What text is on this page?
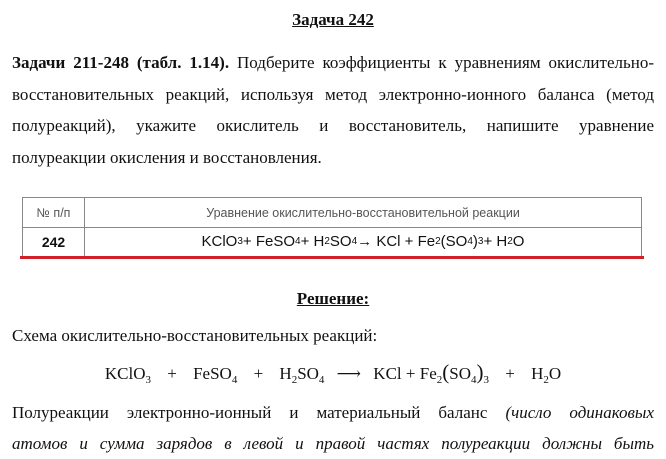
Задача 242
Задачи 211-248 (табл. 1.14). Подберите коэффициенты к уравнениям окислительно-восстановительных реакций, используя метод электронно-ионного баланса (метод полуреакций), укажите окислитель и восстановитель, напишите уравнение полуреакции окисления и восстановления.
№ п/п	Уравнение окислительно-восстановительной реакции
242	KClO 3 + FeSO 4 + H 2 SO 4 → KCl + Fe 2 (SO 4 ) 3 + H 2 O
Решение:
Схема окислительно-восстановительных реакций:
KClO$_3$ + FeSO$_4$ + $H_2SO_4$ ⟶ KCl + $Fe_2(SO_4)_3 + H_2O$
Полуреакции электронно-ионный и материальный баланс (число одинаковых
атомов и сумма зарядов в левой и правой частях полуреакции должны быть
